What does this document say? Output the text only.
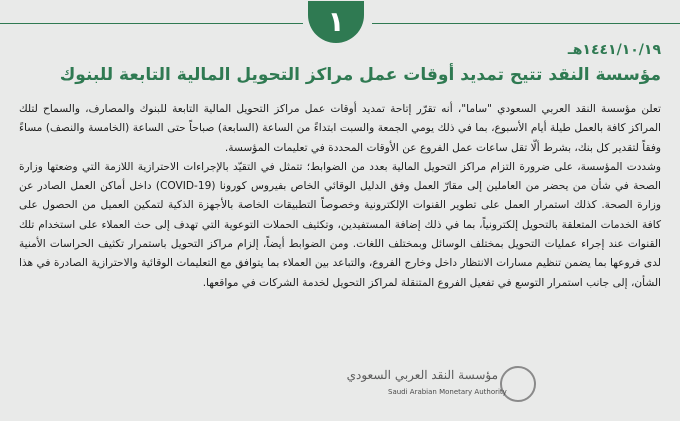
١
١٤٤١/١٠/١٩هـ
مؤسسة النقد تتيح تمديد أوقات عمل مراكز التحويل المالية التابعة للبنوك

تعلن مؤسسة النقد العربي السعودي "ساما"، أنه تقرّر إتاحة تمديد أوقات عمل مراكز التحويل المالية التابعة للبنوك والمصارف، والسماح لتلك المراكز كافة بالعمل طيلة أيام الأسبوع، بما في ذلك يومي الجمعة والسبت ابتداءً من الساعة (السابعة) صباحاً حتى الساعة (الخامسة والنصف) مساءً وفقاً لتقدير كل بنك، بشرط ألّا تقل ساعات عمل الفروع عن الأوقات المحددة في تعليمات المؤسسة.

وشددت المؤسسة، على ضرورة التزام مراكز التحويل المالية بعدد من الضوابط؛ تتمثل في التقيّد بالإجراءات الاحترازية اللازمة التي وضعتها وزارة الصحة في شأن من يحضر من العاملين إلى مقارّ العمل وفق الدليل الوقائي الخاص بفيروس كورونا (COVID-19) داخل أماكن العمل الصادر عن وزارة الصحة. كذلك استمرار العمل على تطوير القنوات الإلكترونية وخصوصاً التطبيقات الخاصة بالأجهزة الذكية لتمكين العميل من الحصول على كافة الخدمات المتعلقة بالتحويل إلكترونياً، بما في ذلك إضافة المستفيدين، وتكثيف الحملات التوعوية التي تهدف إلى حث العملاء على استخدام تلك القنوات عند إجراء عمليات التحويل بمختلف الوسائل وبمختلف اللغات. ومن الضوابط أيضاً، إلزام مراكز التحويل باستمرار تكثيف الحراسات الأمنية لدى فروعها بما يضمن تنظيم مسارات الانتظار داخل وخارج الفروع، والتباعد بين العملاء بما يتوافق مع التعليمات الوقائية والاحترازية الصادرة في هذا الشأن، إلى جانب استمرار التوسع في تفعيل الفروع المتنقلة لمراكز التحويل لخدمة الشركات في مواقعها.

مؤسسة النقد العربي السعودي
Saudi Arabian Monetary Authority
